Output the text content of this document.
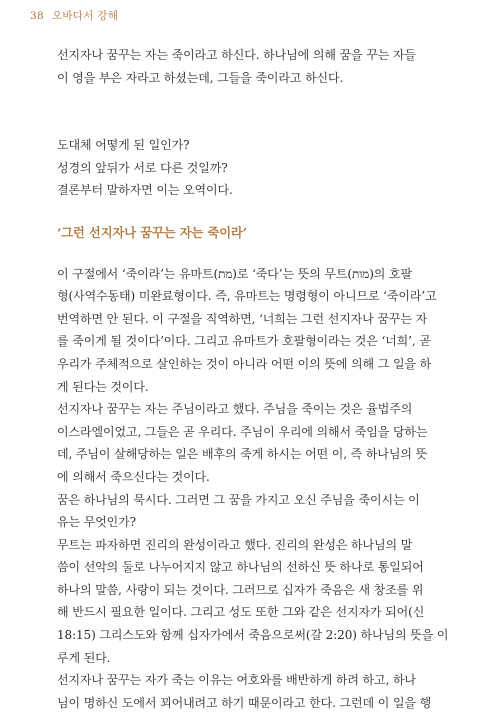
38 오바다서 강해

선지자나 꿈꾸는 자는 죽이라고 하신다. 하나님에 의해 꿈을 꾸는 자들
이 영을 부은 자라고 하셨는데, 그들을 죽이라고 하신다.

도대체 어떻게 된 일인가?
성경의 앞뒤가 서로 다른 것일까?
결론부터 말하자면 이는 오역이다.

‘그런 선지자나 꿈꾸는 자는 죽이라’

이 구절에서 ‘죽이라’는 유마트(מת)로 ‘죽다’는 뜻의 무트(מות)의 호팔
형(사역수동태) 미완료형이다. 즉, 유마트는 명령형이 아니므로 ‘죽이라’고
번역하면 안 된다. 이 구절을 직역하면, ‘너희는 그런 선지자나 꿈꾸는 자
를 죽이게 될 것이다’이다. 그리고 유마트가 호팔형이라는 것은 ‘너희’, 곧
우리가 주체적으로 살인하는 것이 아니라 어떤 이의 뜻에 의해 그 일을 하
게 된다는 것이다.

선지자나 꿈꾸는 자는 주님이라고 했다. 주님을 죽이는 것은 율법주의
이스라엘이었고, 그들은 곧 우리다. 주님이 우리에 의해서 죽임을 당하는
데, 주님이 살해당하는 일은 배후의 죽게 하시는 어떤 이, 즉 하나님의 뜻
에 의해서 죽으신다는 것이다.

꿈은 하나님의 묵시다. 그러면 그 꿈을 가지고 오신 주님을 죽이시는 이
유는 무엇인가?

무트는 파자하면 진리의 완성이라고 했다. 진리의 완성은 하나님의 말
씀이 선악의 둘로 나누어지지 않고 하나님의 선하신 뜻 하나로 통일되어
하나의 말씀, 사랑이 되는 것이다. 그러므로 십자가 죽음은 새 창조를 위
해 반드시 필요한 일이다. 그리고 성도 또한 그와 같은 선지자가 되어(신
18:15) 그리스도와 함께 십자가에서 죽음으로써(갈 2:20) 하나님의 뜻을 이
루게 된다.

선지자나 꿈꾸는 자가 죽는 이유는 여호와를 배반하게 하려 하고, 하나
님이 명하신 도에서 꾀어내려고 하기 때문이라고 한다. 그런데 이 일을 행
